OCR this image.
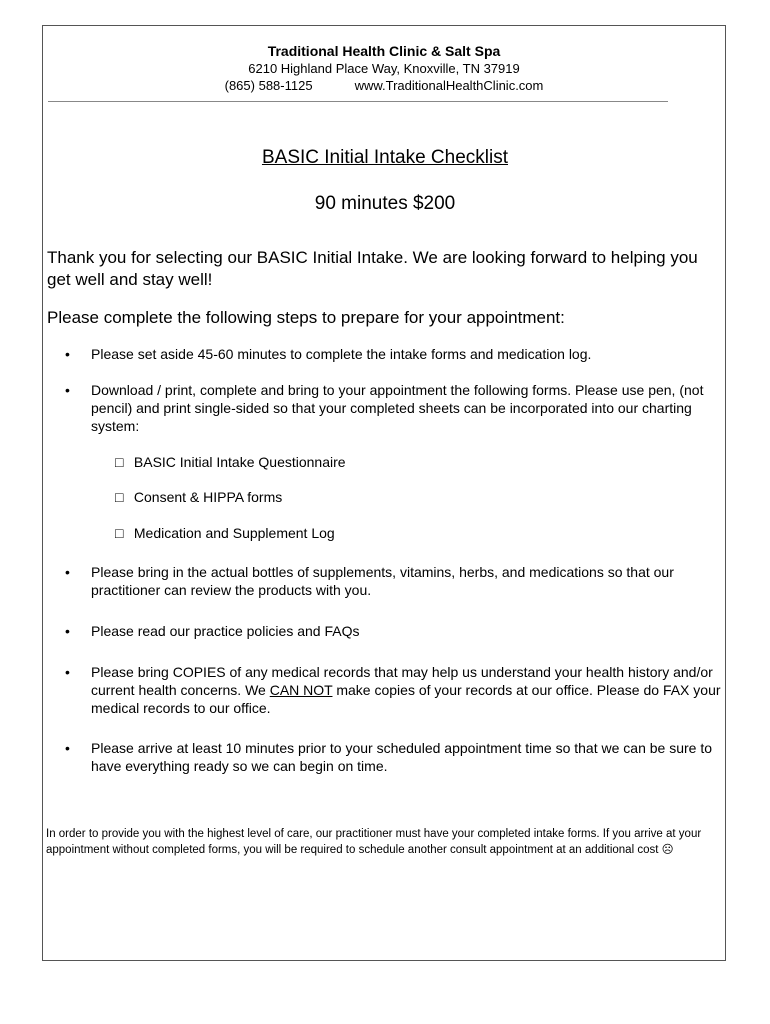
Traditional Health Clinic & Salt Spa
6210 Highland Place Way, Knoxville, TN 37919
(865) 588-1125	www.TraditionalHealthClinic.com
BASIC Initial Intake Checklist
90 minutes $200
Thank you for selecting our BASIC Initial Intake. We are looking forward to helping you get well and stay well!
Please complete the following steps to prepare for your appointment:
•	Please set aside 45-60 minutes to complete the intake forms and medication log.
•	Download / print, complete and bring to your appointment the following forms. Please use pen, (not pencil) and print single-sided so that your completed sheets can be incorporated into our charting system:
□ BASIC Initial Intake Questionnaire
□ Consent & HIPPA forms
□ Medication and Supplement Log
•	Please bring in the actual bottles of supplements, vitamins, herbs, and medications so that our practitioner can review the products with you.
•	Please read our practice policies and FAQs
•	Please bring COPIES of any medical records that may help us understand your health history and/or current health concerns. We CAN NOT make copies of your records at our office. Please do FAX your medical records to our office.
•	Please arrive at least 10 minutes prior to your scheduled appointment time so that we can be sure to have everything ready so we can begin on time.
In order to provide you with the highest level of care, our practitioner must have your completed intake forms. If you arrive at your appointment without completed forms, you will be required to schedule another consult appointment at an additional cost ☹
